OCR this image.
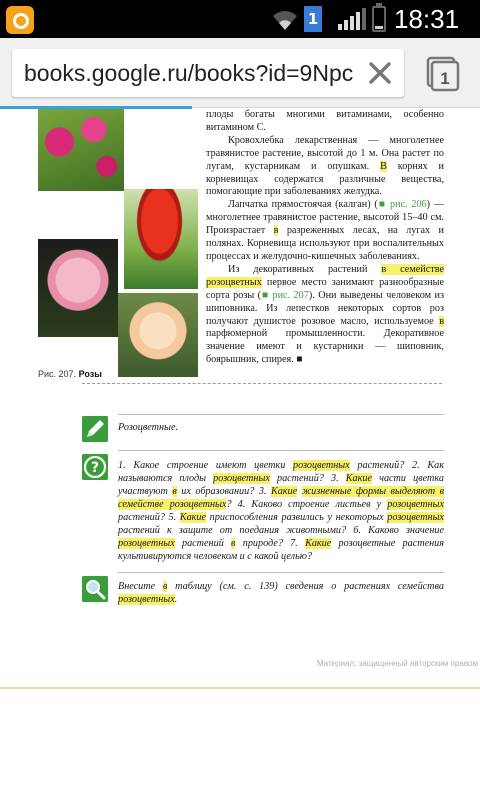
1	18:31
books.google.ru/books?id=9Npc	1
Рис. 207. Розы

плоды богаты многими витаминами, особенно витамином С.

Кровохлебка лекарственная — многолетнее травянистое растение, высотой до 1 м. Она растет по лугам, кустарникам и опушкам. В корнях и корневищах содержатся различные вещества, помогающие при заболеваниях желудка.

Лапчатка прямостоячая (калган) (■ рис. 206) — многолетнее травянистое растение, высотой 15–40 см. Произрастает в разреженных лесах, на лугах и полянах. Корневища используют при воспалительных процессах и желудочно-кишечных заболеваниях.

Из декоративных растений в семействе розоцветных первое место занимают разнообразные сорта розы (■ рис. 207). Они выведены человеком из шиповника. Из лепестков некоторых сортов роз получают душистое розовое масло, используемое в парфюмерной промышленности. Декоративное значение имеют и кустарники — шиповник, боярышник, спирея. ■

Розоцветные.
? 1. Какое строение имеют цветки розоцветных растений? 2. Как называются плоды розоцветных растений? 3. Какие части цветка участвуют в их образовании? 3. Какие жизненные формы выделяют в семействе розоцветных? 4. Каково строение листьев у розоцветных растений? 5. Какие приспособления развились у некоторых розоцветных растений к защите от поедания животными? 6. Каково значение розоцветных растений в природе? 7. Какие розоцветные растения культивируются человеком и с какой целью?
Внесите в таблицу (см. с. 139) сведения о растениях семейства розоцветных.
Материал, защищенный авторским правом
